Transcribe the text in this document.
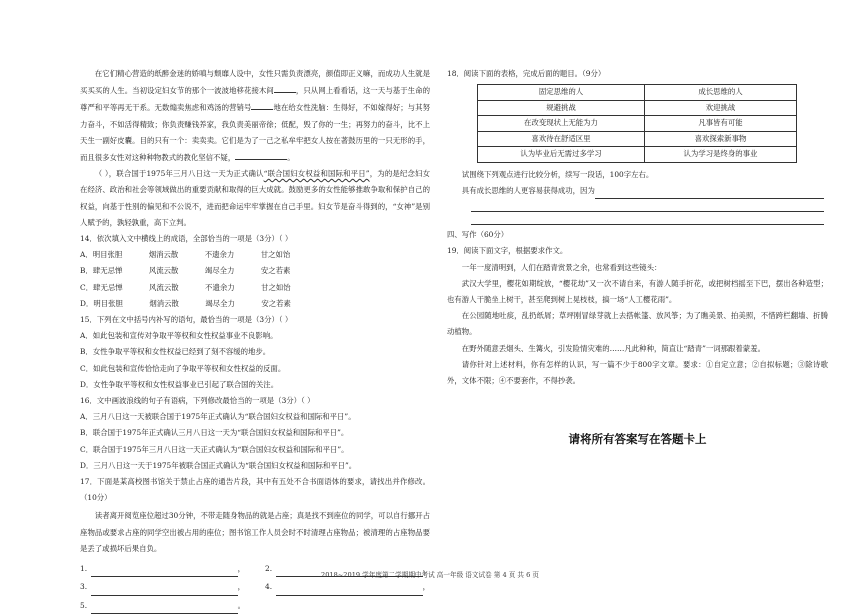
在它们精心营造的纸醉金迷的娇嗔与颓靡人设中，女性只需负责漂亮，颜值即正义嘛，而成功人生就是买买买的人生。当初设定妇女节的那个一波波地移花接木间	，只从网上看看话，这一天与基于生命的尊严和平等再无干系。无数煽卖焦虑和鸡汤的营销号	地在给女性洗脑：生得好，不如嫁得好；与其努力奋斗，不如活得精致；你负责赚钱养家，我负责美丽帝徐；低配，毁了你的一生；再努力的奋斗，比不上天生一副好皮囊。目的只有一个：卖卖卖。它们是为了一己之私牟牢把女人按在著鼓历里的一只无形的手，而且很多女性对这种种物教式的教化坚信不疑，	。

（ ），联合国于1975年三月八日这一天为正式确认“联合国妇女权益和国际和平日”，为的是纪念妇女在经济、政治和社会等领域做出的重要贡献和取得的巨大成就。鼓励更多的女性能够推敢争取和保护自己的权益，向基于性别的偏见和不公说不，进而把命运牢牢掌握在自己手里。妇女节是奋斗得到的，“女神”是别人赋予的，孰轻孰重，高下立判。

14．依次填入文中横线上的成语，全部恰当的一项是（3分）（ ）

A．明目张胆	烟消云散	不遗余力	甘之如饴
B．肆无忌惮	风流云散	竭尽全力	安之若素
C．肆无忌惮	风流云散	不遗余力	甘之如饴
D．明目张胆	烟消云散	竭尽全力	安之若素

15．下列在文中括号内补写的语句，最恰当的一项是（3分）（ ）

A．如此包装和宣传对争取平等权和女性权益事业不良影响。
B．女性争取平等权和女性权益已经到了刻不容缓的地步。
C．如此包装和宣传恰恰走向了争取平等权和女性权益的反面。
D．女性争取平等权和女性权益事业已引起了联合国的关注。

16．文中画波浪线的句子有语病，下列修改最恰当的一项是（3分）（ ）

A．三月八日这一天被联合国于1975年正式确认为“联合国妇女权益和国际和平日”。
B．联合国于1975年正式确认三月八日这一天为“联合国妇女权益和国际和平日”。
C．联合国于1975年三月八日这一天正式确认为“联合国妇女权益和国际和平日”。
D．三月八日这一天于1975年被联合国正式确认为“联合国妇女权益和国际和平日”。

17．下面是某高校图书馆关于禁止占座的通告片段，其中有五处不合书面语体的要求，请找出并作修改。（10分）

读者离开阅览座位超过30分钟，不带走随身物品的就是占座；真是找不到座位的同学，可以自行挪开占座物品或要求占座的同学空出被占用的座位；图书馆工作人员会时不时清理占座物品；被清理的占座物品要是丢了或损坏后果自负。

1.	，	2.	，
3.	，	4.	，
5.	。

18．阅读下面的表格，完成后面的题目。（9分）

固定思维的人	成长思维的人
规避挑战	欢迎挑战
在改变现状上无能为力	凡事皆有可能
喜欢待在舒适区里	喜欢探索新事物
认为毕业后无需过多学习	认为学习是终身的事业

试围绕下列观点进行比较分析，续写一段话，100字左右。

具有成长思维的人更容易获得成功，因为

四、写作（60分）

19．阅读下面文字，根据要求作文。

一年一度清明到，人们在踏青赏景之余，也常看到这些镜头：

武汉大学里，樱花如期绽放，“樱花劫”又一次不请自来，有游人随手折花，或把树档摇至下巴，摆出各种造型；也有游人干脆坐上树干，甚至爬到树上晃枝枝，搞一场“人工樱花雨”。

在公园随地吐痰，乱扔纸屑；草坪刚冒绿芽就上去搭帐篷、放风筝；为了瞧美景、拍美照，不惜跨栏翻墙、折腾动植物。

在野外随意丢烟头、生篝火，引发险情灾难的……凡此种种，简直让“踏青”一词那跟着蒙羞。

请你针对上述材料，你有怎样的认识，写一篇不少于800字文章。要求：①自定立意；②自拟标题；③除诗歌外，文体不限；④不要套作，不得抄袭。

请将所有答案写在答题卡上
2018~2019 学年度第二学期期中考试 高一年级 语文试卷 第 4 页 共 6 页
